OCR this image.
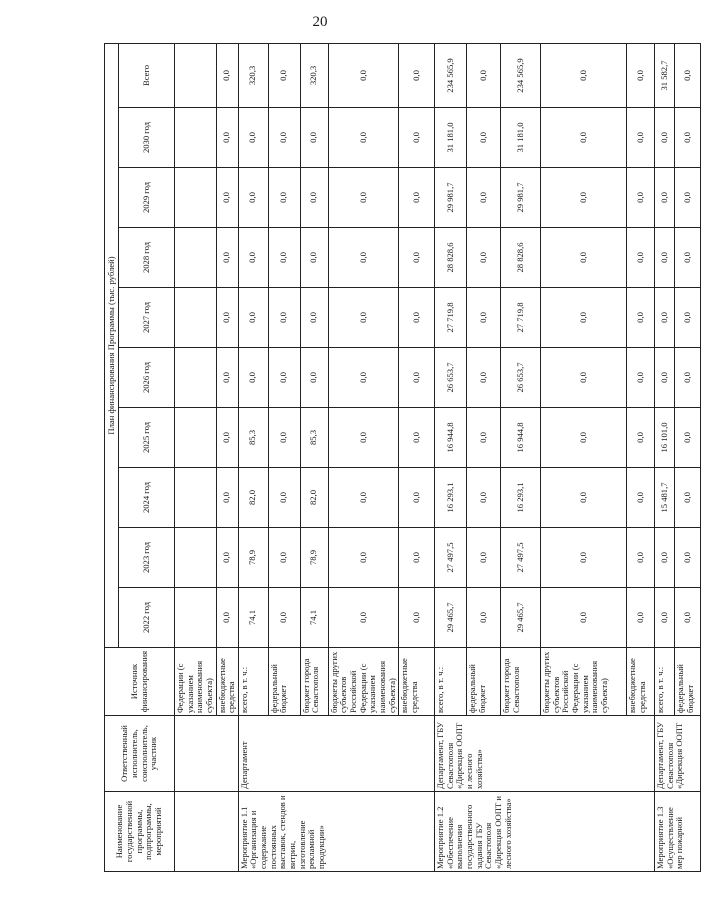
20
Наименование государственной программы, подпрограммы, мероприятий	Ответственный исполнитель, соисполнитель, участник	Источник финансирования	План финансирования Программы (тыс. рублей)									
			2022 год	2023 год	2024 год	2025 год	2026 год	2027 год	2028 год	2029 год	2030 год	Всего
		Федерации (с указанием наименования субъекта)										
		внебюджетные средства	0,0	0,0	0,0	0,0	0,0	0,0	0,0	0,0	0,0	0,0
Мероприятие 1.1 «Организация и содержание постоянных выставок, стендов и витрин, изготовление рекламной продукции»	Департамент	всего, в т. ч.:	74,1	78,9	82,0	85,3	0,0	0,0	0,0	0,0	0,0	320,3
		федеральный бюджет	0,0	0,0	0,0	0,0	0,0	0,0	0,0	0,0	0,0	0,0
		бюджет города Севастополя	74,1	78,9	82,0	85,3	0,0	0,0	0,0	0,0	0,0	320,3
		бюджеты других субъектов Российской Федерации (с указанием наименования субъекта)	0,0	0,0	0,0	0,0	0,0	0,0	0,0	0,0	0,0	0,0
		внебюджетные средства	0,0	0,0	0,0	0,0	0,0	0,0	0,0	0,0	0,0	0,0
Мероприятие 1.2 «Обеспечение выполнения государственного задания ГБУ Севастополя «Дирекция ООПТ и лесного хозяйства»	Департамент, ГБУ Севастополя «Дирекция ООПТ и лесного хозяйства»	всего, в т. ч.:	29 465,7	27 497,5	16 293,1	16 944,8	26 653,7	27 719,8	28 828,6	29 981,7	31 181,0	234 565,9
		федеральный бюджет	0,0	0,0	0,0	0,0	0,0	0,0	0,0	0,0	0,0	0,0
		бюджет города Севастополя	29 465,7	27 497,5	16 293,1	16 944,8	26 653,7	27 719,8	28 828,6	29 981,7	31 181,0	234 565,9
		бюджеты других субъектов Российской Федерации (с указанием наименования субъекта)	0,0	0,0	0,0	0,0	0,0	0,0	0,0	0,0	0,0	0,0
		внебюджетные средства	0,0	0,0	0,0	0,0	0,0	0,0	0,0	0,0	0,0	0,0
Мероприятие 1.3 «Осуществление мер пожарной	Департамент, ГБУ Севастополя «Дирекция ООПТ	всего, в т. ч.:	0,0	0,0	15 481,7	16 101,0	0,0	0,0	0,0	0,0	0,0	31 582,7
		федеральный бюджет	0,0	0,0	0,0	0,0	0,0	0,0	0,0	0,0	0,0	0,0
